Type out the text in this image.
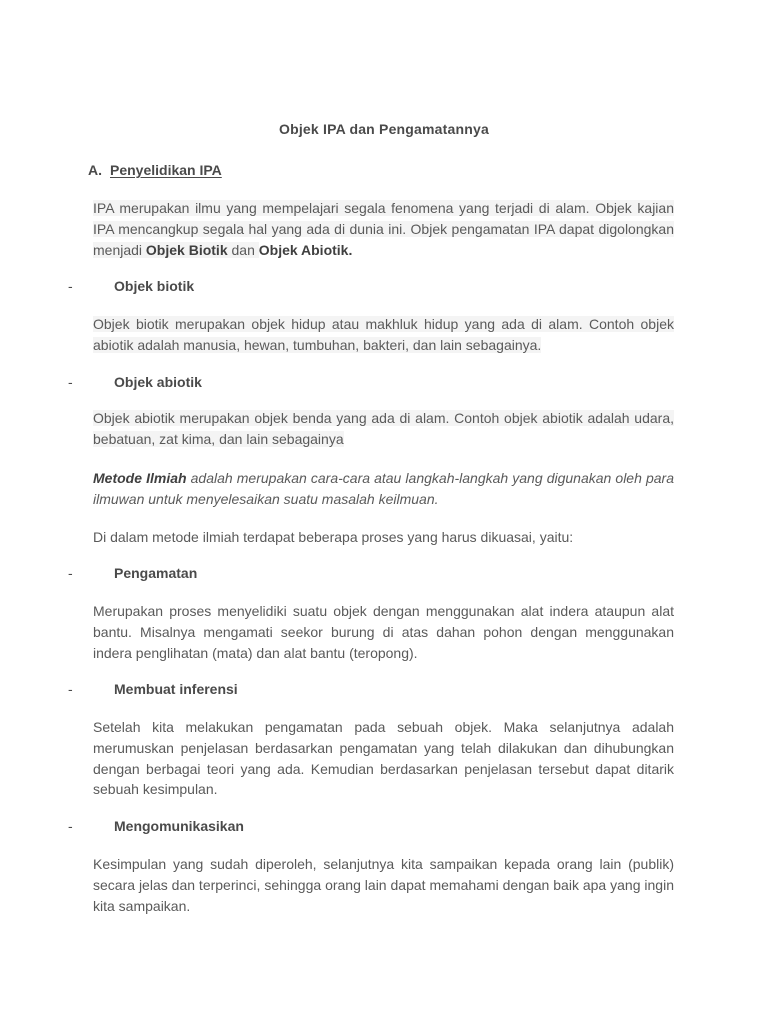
Objek IPA dan Pengamatannya
A. Penyelidikan IPA
IPA merupakan ilmu yang mempelajari segala fenomena yang terjadi di alam. Objek kajian IPA mencangkup segala hal yang ada di dunia ini. Objek pengamatan IPA dapat digolongkan menjadi Objek Biotik dan Objek Abiotik.
-	Objek biotik
Objek biotik merupakan objek hidup atau makhluk hidup yang ada di alam. Contoh objek abiotik adalah manusia, hewan, tumbuhan, bakteri, dan lain sebagainya.
-	Objek abiotik
Objek abiotik merupakan objek benda yang ada di alam. Contoh objek abiotik adalah udara, bebatuan, zat kima, dan lain sebagainya
Metode Ilmiah adalah merupakan cara-cara atau langkah-langkah yang digunakan oleh para ilmuwan untuk menyelesaikan suatu masalah keilmuan.
Di dalam metode ilmiah terdapat beberapa proses yang harus dikuasai, yaitu:
-	Pengamatan
Merupakan proses menyelidiki suatu objek dengan menggunakan alat indera ataupun alat bantu. Misalnya mengamati seekor burung di atas dahan pohon dengan menggunakan indera penglihatan (mata) dan alat bantu (teropong).
-	Membuat inferensi
Setelah kita melakukan pengamatan pada sebuah objek. Maka selanjutnya adalah merumuskan penjelasan berdasarkan pengamatan yang telah dilakukan dan dihubungkan dengan berbagai teori yang ada. Kemudian berdasarkan penjelasan tersebut dapat ditarik sebuah kesimpulan.
-	Mengomunikasikan
Kesimpulan yang sudah diperoleh, selanjutnya kita sampaikan kepada orang lain (publik) secara jelas dan terperinci, sehingga orang lain dapat memahami dengan baik apa yang ingin kita sampaikan.
